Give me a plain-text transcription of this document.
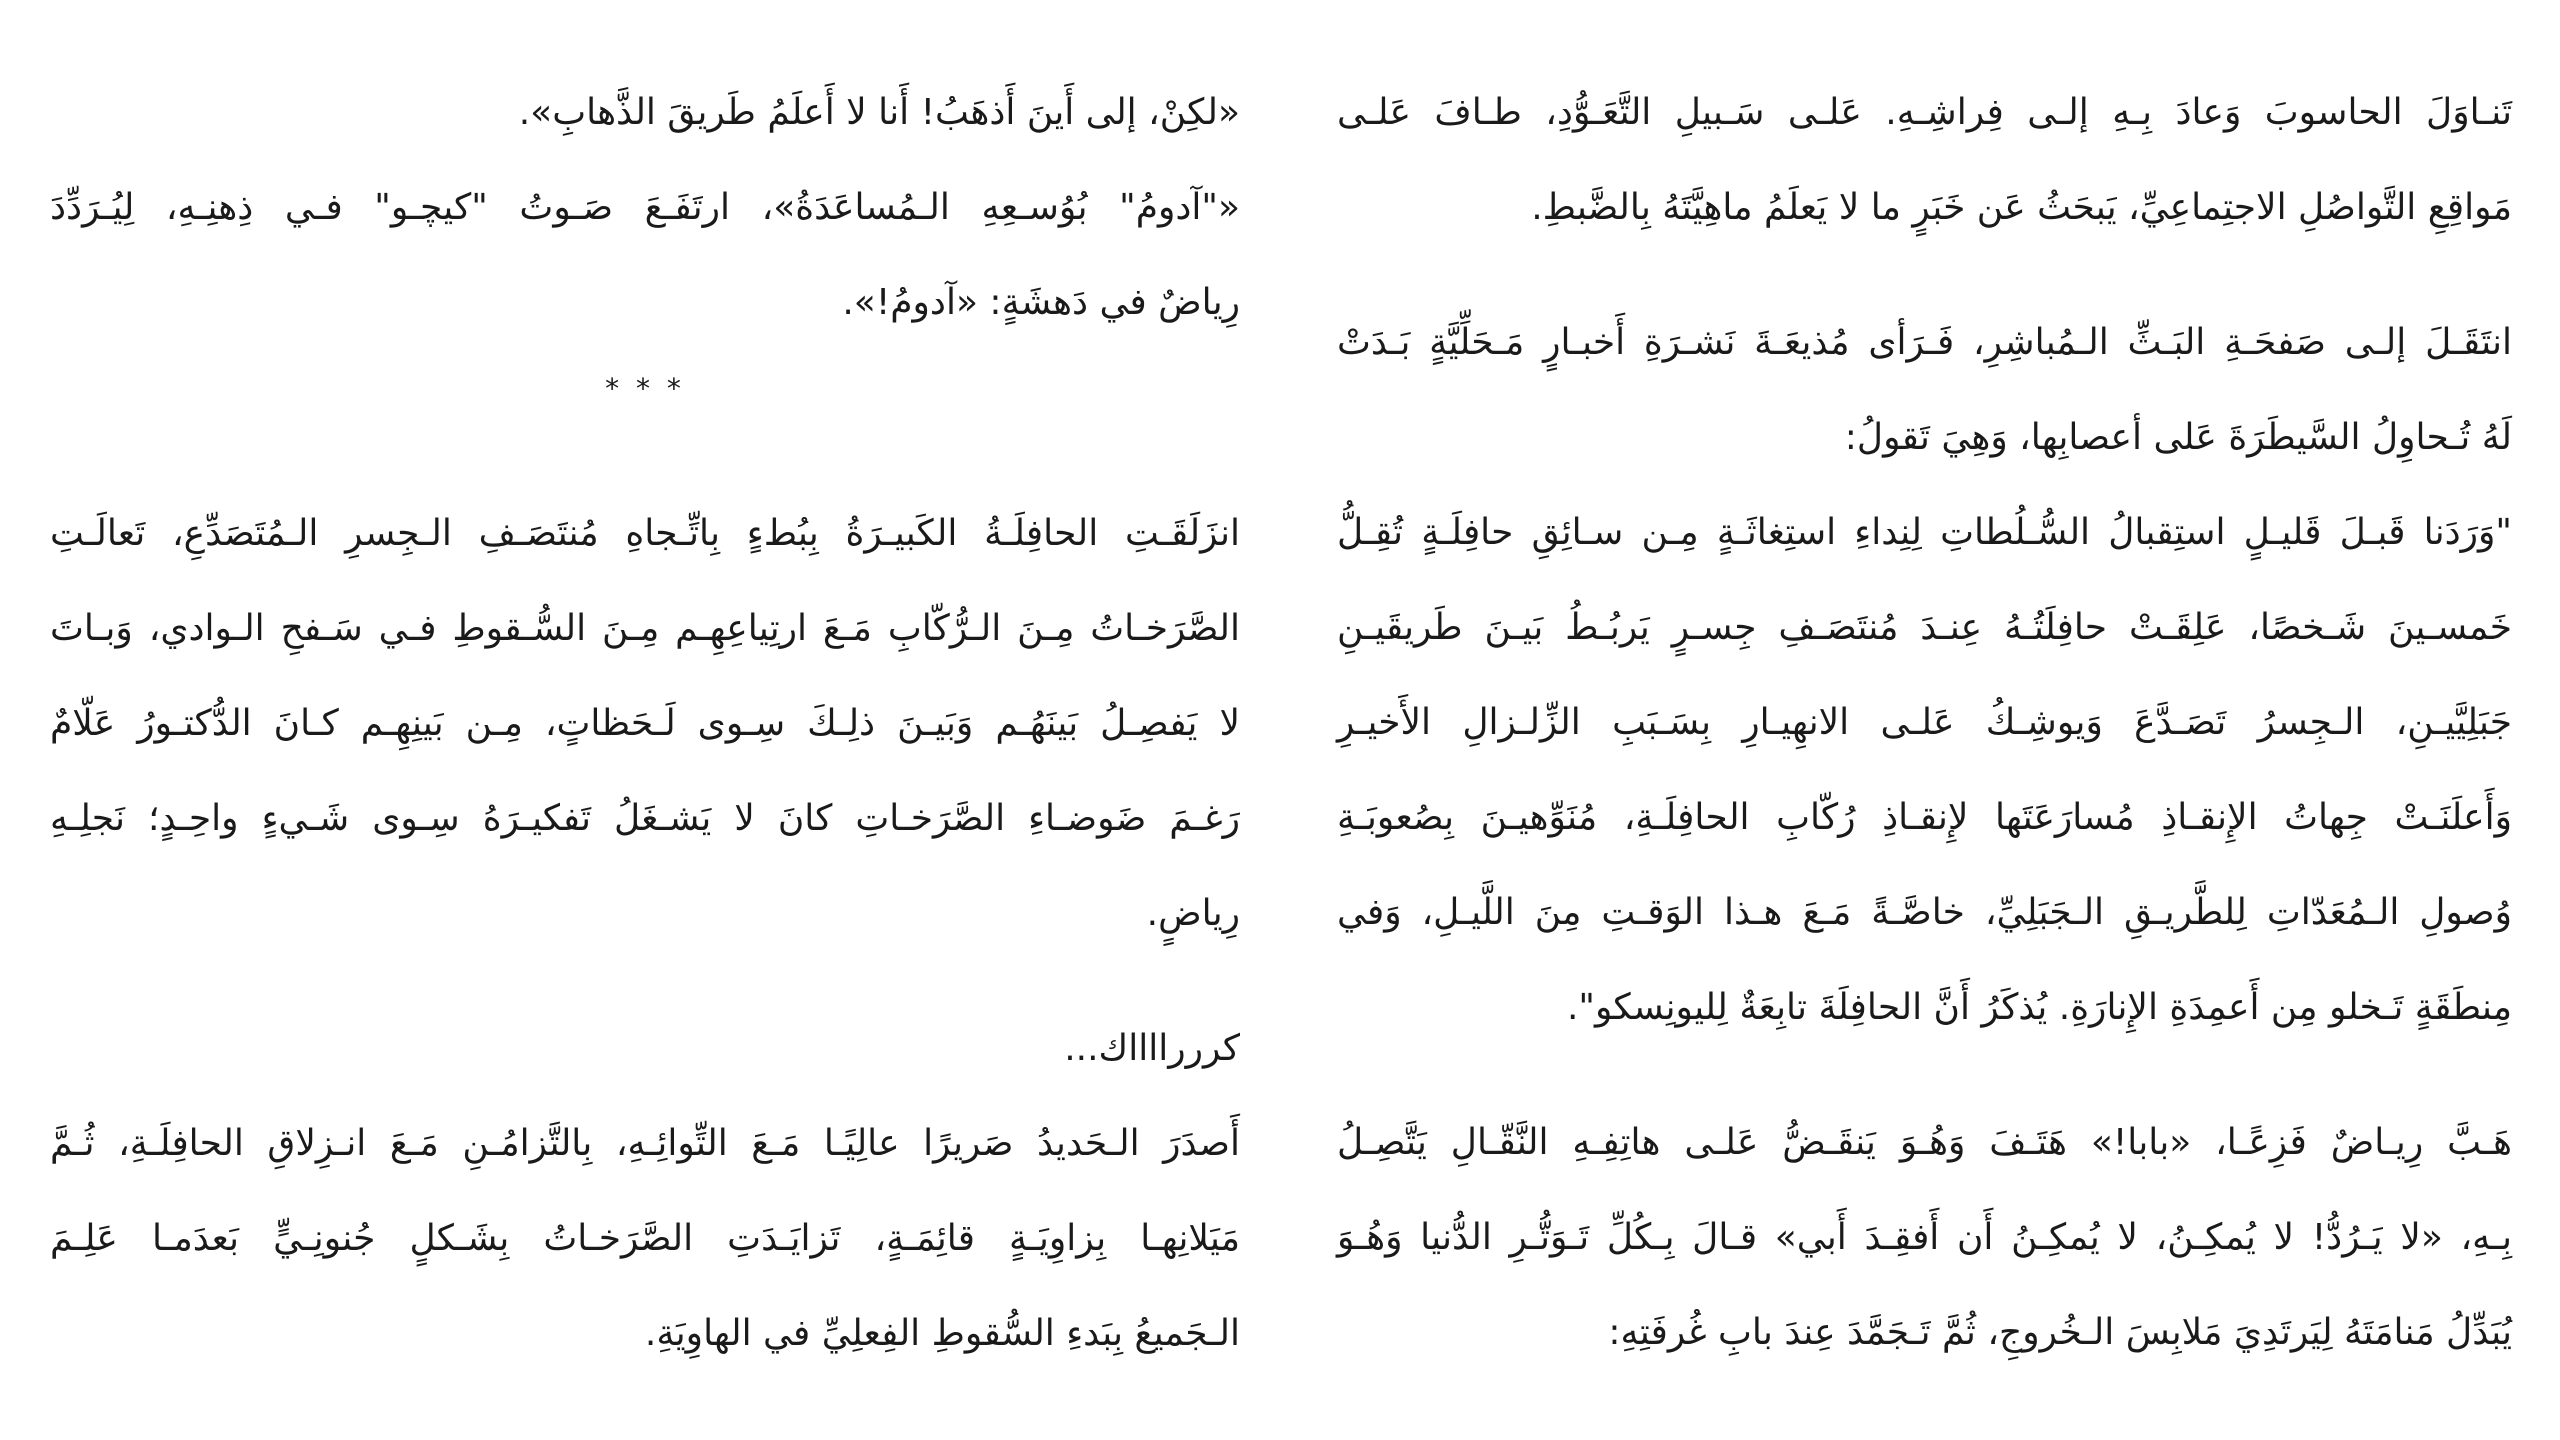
تَنـاوَلَ الحاسوبَ وَعادَ بِـهِ إلـى فِراشِـهِ. عَلـى سَـبيلِ التَّعَـوُّدِ، طـافَ عَلـى
مَواقِعِ التَّواصُلِ الاجتِماعِيِّ، يَبحَثُ عَن خَبَرٍ ما لا يَعلَمُ ماهِيَّتَهُ بِالضَّبطِ.
انتَقَـلَ إلـى صَفحَـةِ البَـثِّ الـمُباشِرِ، فَـرَأى مُذيعَـةَ نَشـرَةِ أَخبـارٍ مَـحَلِّيَّةٍ بَـدَتْ
لَهُ تُـحاوِلُ السَّيطَرَةَ عَلى أعصابِها، وَهِيَ تَقولُ:
"وَرَدَنا قَبـلَ قَليـلٍ استِقبالُ السُّـلُطاتِ لِنِداءِ استِغاثَـةٍ مِـن سـائِقِ حافِلَـةٍ تُقِـلُّ
خَمسـينَ شَـخصًا، عَلِقَـتْ حافِلَتُـهُ عِنـدَ مُنتَصَـفِ جِسـرٍ يَربُـطُ بَيـنَ طَريقَيـنِ
جَبَلِيَّيـنِ، الـجِسرُ تَصَـدَّعَ وَيوشِـكُ عَلـى الانهِيـارِ بِسَـبَبِ الزِّلـزالِ الأَخيـرِ
وَأَعلَنَـتْ جِهاتُ الإِنقـاذِ مُسارَعَتَها لإِنقـاذِ رُكّابِ الحافِلَـةِ، مُنَوِّهيـنَ بِصُعوبَـةِ
وُصولِ الـمُعَدّاتِ لِلطَّريـقِ الـجَبَلِيِّ، خاصَّـةً مَـعَ هـذا الوَقـتِ مِنَ اللَّيـلِ، وَفي
مِنطَقَةٍ تَـخلو مِن أَعمِدَةِ الإِنارَةِ. يُذكَرُ أَنَّ الحافِلَةَ تابِعَةٌ لِليونِسكو".
هَـبَّ رِيـاضٌ فَزِعًـا، «بابا!» هَتَـفَ وَهُـوَ يَنقَـضُّ عَلـى هاتِفِـهِ النَّقّـالِ يَتَّصِـلُ
بِـهِ، «لا يَـرُدُّ! لا يُمكِـنُ، لا يُمكِـنُ أَن أَفقِـدَ أَبي» قـالَ بِـكُلِّ تَـوَتُّـرِ الدُّنيا وَهُـوَ
يُبَدِّلُ مَنامَتَهُ لِيَرتَدِيَ مَلابِسَ الـخُروجِ، ثُمَّ تَـجَمَّدَ عِندَ بابِ غُرفَتِهِ:
«لكِنْ، إلى أَينَ أَذهَبُ! أَنا لا أَعلَمُ طَريقَ الذَّهابِ».
«"آدومُ" بُوُسـعِهِ الـمُساعَدَةُ»، ارتَفَـعَ صَـوتُ "كيچـو" فـي ذِهنِـهِ، لِيُـرَدِّدَ
رِياضٌ في دَهشَةٍ: «آدومُ!».
* * *
انزَلَقَـتِ الحافِلَـةُ الكَبيـرَةُ بِبُطءٍ بِاتِّـجاهِ مُنتَصَـفِ الـجِسرِ الـمُتَصَدِّعِ، تَعالَـتِ
الصَّرَخـاتُ مِـنَ الـرُّكّابِ مَـعَ ارتِياعِهِـم مِـنَ السُّـقوطِ فـي سَـفحِ الـوادي، وَبـاتَ
لا يَفصِـلُ بَينَهُـم وَبَيـنَ ذلِـكَ سِـوى لَـحَظاتٍ، مِـن بَينِهِـم كـانَ الدُّكتـورُ عَلّامٌ
رَغـمَ ضَوضـاءِ الصَّرَخـاتِ كانَ لا يَشـغَلُ تَفكيـرَهُ سِـوى شَـيءٍ واحِـدٍ؛ نَجلِـهِ
رِياضٍ.
كرررااااك...
أَصدَرَ الـحَديدُ صَريرًا عالِيًـا مَـعَ التِّوائِـهِ، بِالتَّزامُـنِ مَـعَ انـزِلاقِ الحافِلَـةِ، ثُـمَّ
مَيَلانِهـا بِزاوِيَـةٍ قائِمَـةٍ، تَزايَـدَتِ الصَّرَخـاتُ بِشَـكلٍ جُنونِـيٍّ بَعدَمـا عَلِـمَ
الـجَميعُ بِبَدءِ السُّقوطِ الفِعلِيِّ في الهاوِيَةِ.
